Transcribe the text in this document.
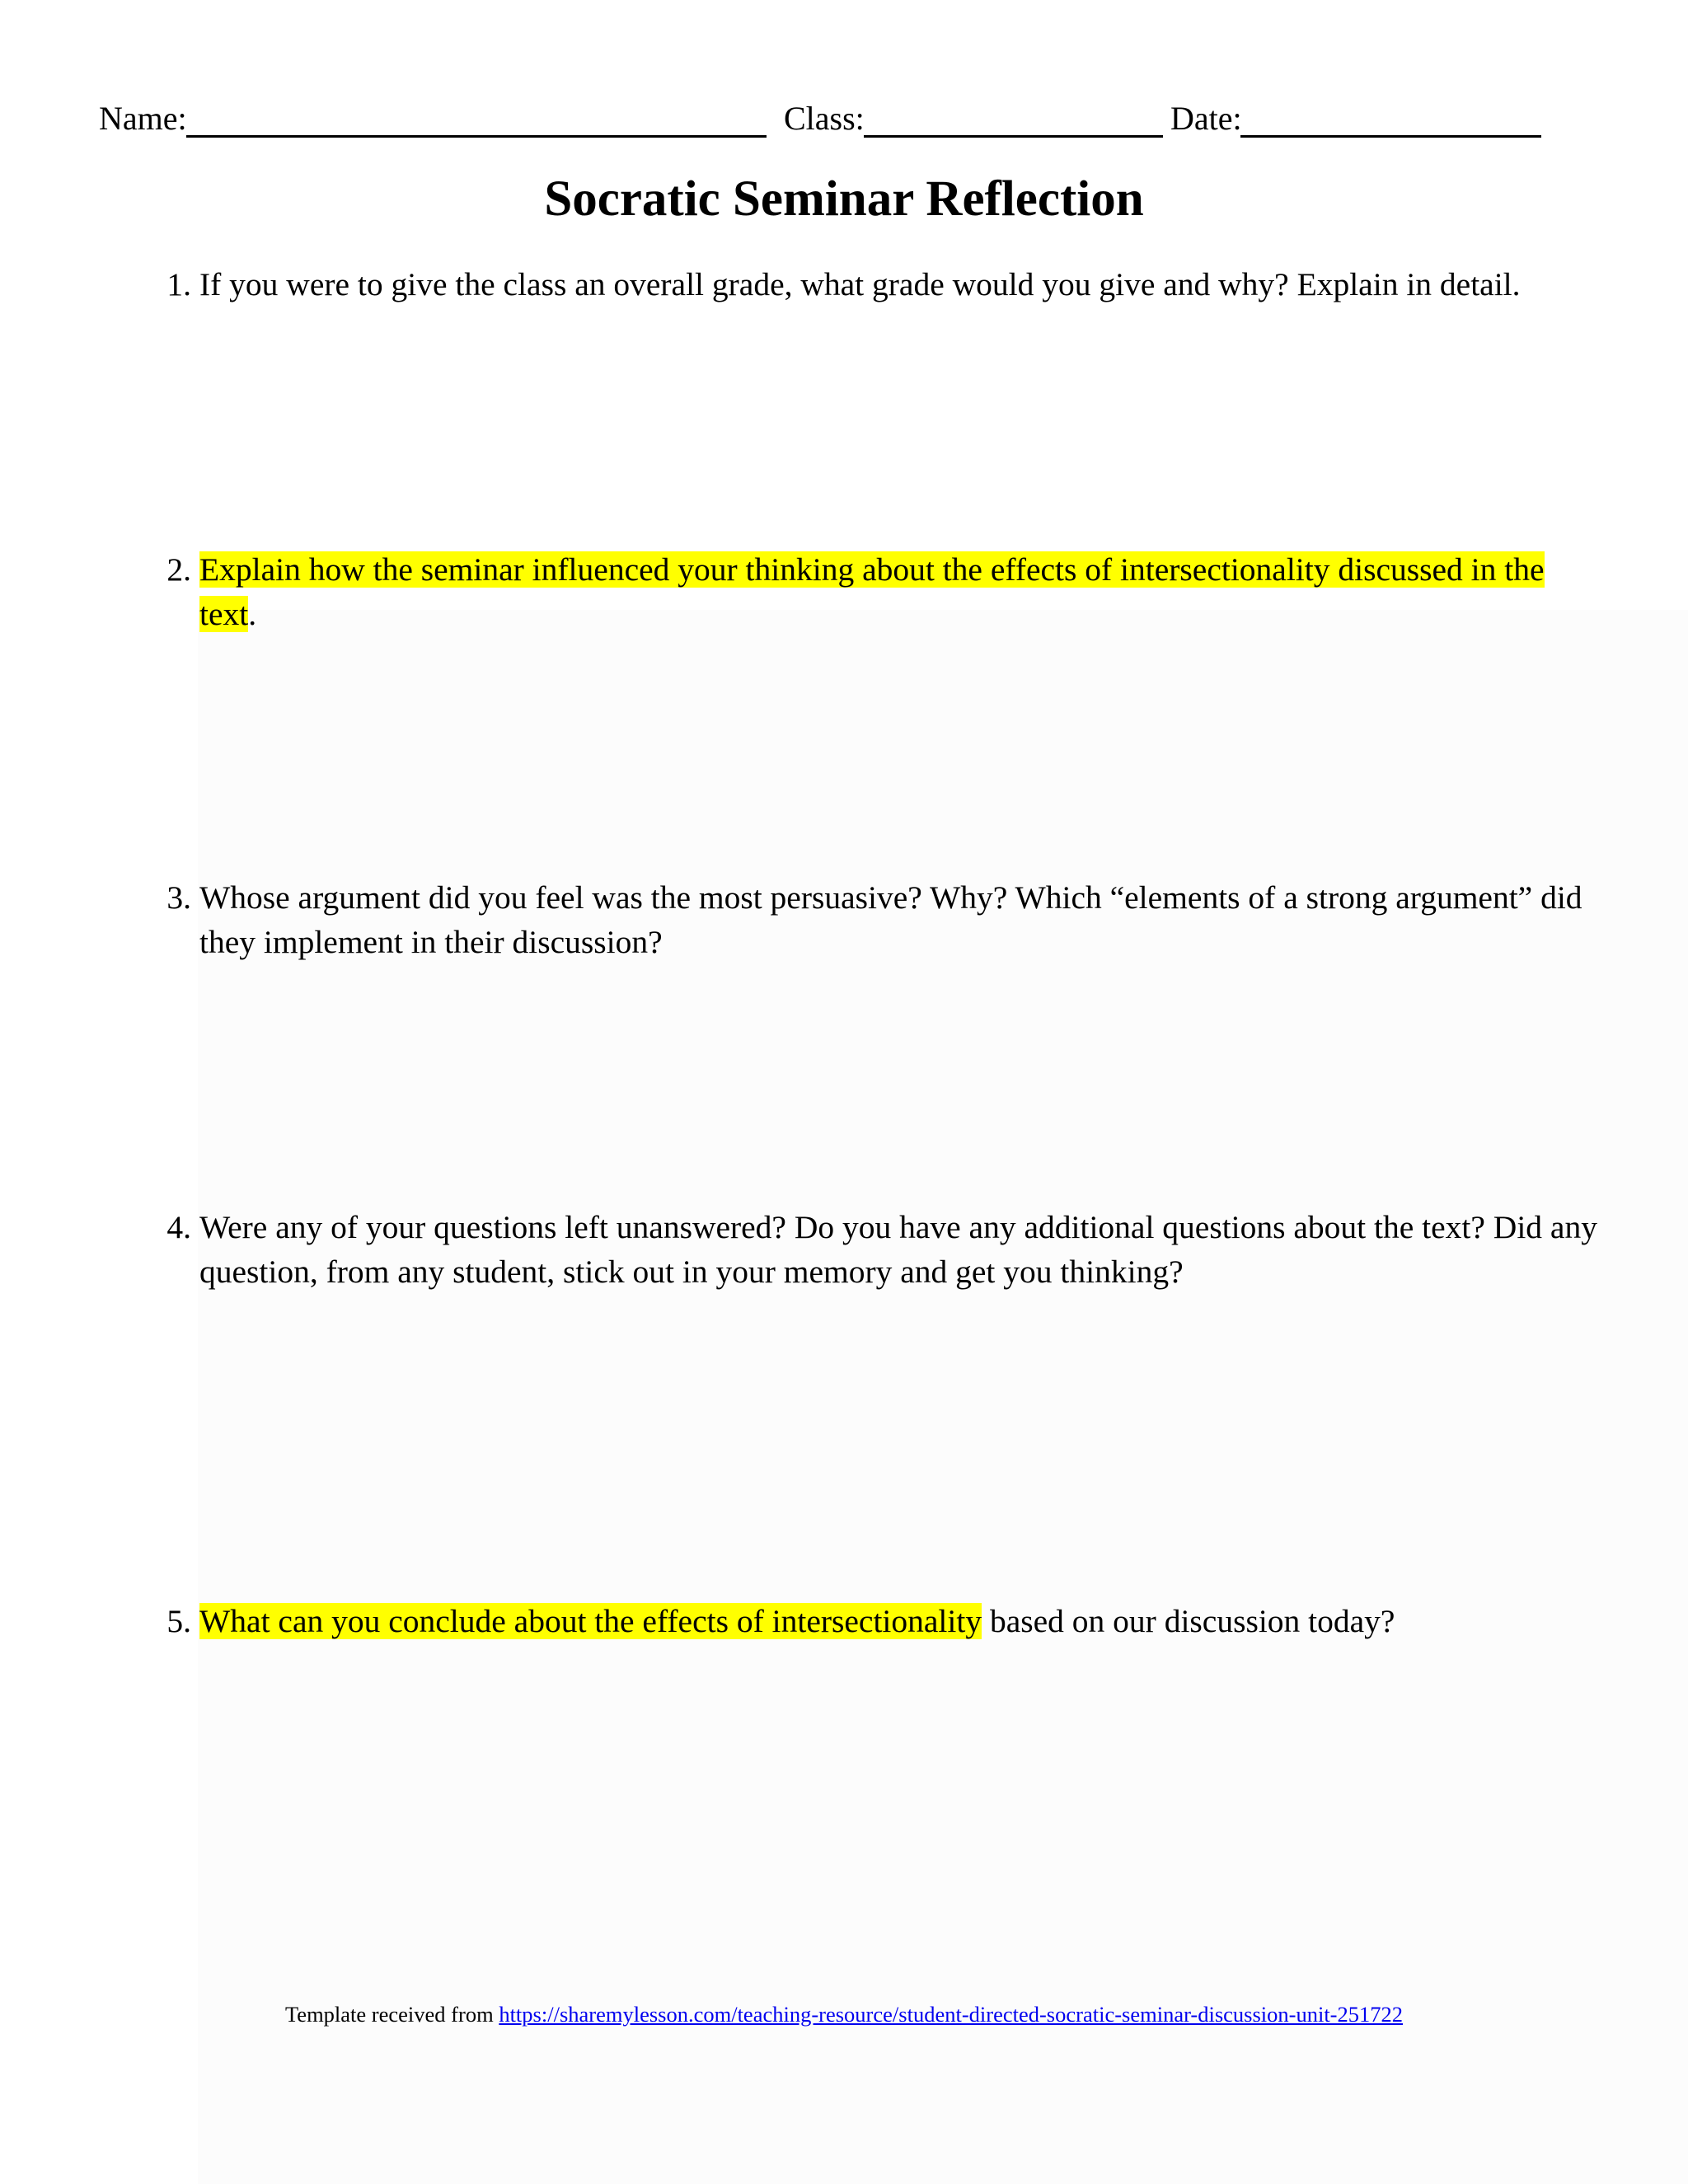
Name:	Class:	Date:
Socratic Seminar Reflection
1. If you were to give the class an overall grade, what grade would you give and why? Explain in detail.
2. Explain how the seminar influenced your thinking about the effects of intersectionality discussed in the text.
3. Whose argument did you feel was the most persuasive? Why? Which “elements of a strong argument” did they implement in their discussion?
4. Were any of your questions left unanswered? Do you have any additional questions about the text? Did any question, from any student, stick out in your memory and get you thinking?
5. What can you conclude about the effects of intersectionality based on our discussion today?
Template received from https://sharemylesson.com/teaching-resource/student-directed-socratic-seminar-discussion-unit-251722
